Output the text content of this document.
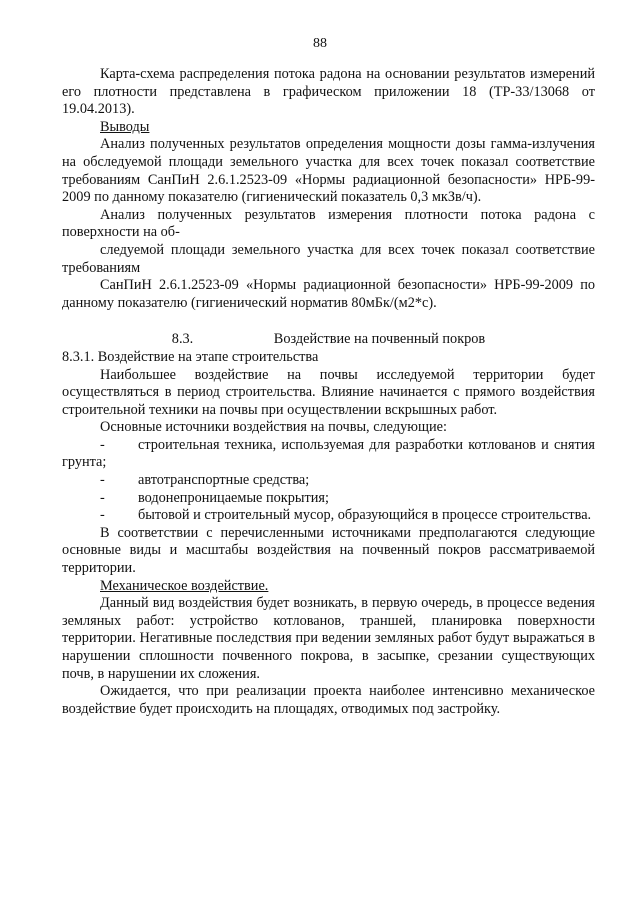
88

Карта-схема распределения потока радона на основании результатов измерений его плотности представлена в графическом приложении 18 (ТР-33/13068 от 19.04.2013).

Выводы

Анализ полученных результатов определения мощности дозы гамма-излучения на обследуемой площади земельного участка для всех точек показал соответствие требованиям СанПиН 2.6.1.2523-09 «Нормы радиационной безопасности» НРБ-99-2009 по данному показателю (гигиенический показатель 0,3 мкЗв/ч).

Анализ полученных результатов измерения плотности потока радона с поверхности на об-

следуемой площади земельного участка для всех точек показал соответствие требованиям

СанПиН 2.6.1.2523-09 «Нормы радиационной безопасности» НРБ-99-2009 по данному показателю (гигиенический норматив 80мБк/(м2*с).

8.3.	Воздействие на почвенный покров

8.3.1. Воздействие на этапе строительства

Наибольшее воздействие на почвы исследуемой территории будет осуществляться в период строительства. Влияние начинается с прямого воздействия строительной техники на почвы при осуществлении вскрышных работ.

Основные источники воздействия на почвы, следующие:

- строительная техника, используемая для разработки котлованов и снятия грунта;

- автотранспортные средства;

- водонепроницаемые покрытия;

- бытовой и строительный мусор, образующийся в процессе строительства.

В соответствии с перечисленными источниками предполагаются следующие основные виды и масштабы воздействия на почвенный покров рассматриваемой территории.

Механическое воздействие.

Данный вид воздействия будет возникать, в первую очередь, в процессе ведения земляных работ: устройство котлованов, траншей, планировка поверхности территории. Негативные последствия при ведении земляных работ будут выражаться в нарушении сплошности почвенного покрова, в засыпке, срезании существующих почв, в нарушении их сложения.

Ожидается, что при реализации проекта наиболее интенсивно механическое воздействие будет происходить на площадях, отводимых под застройку.
